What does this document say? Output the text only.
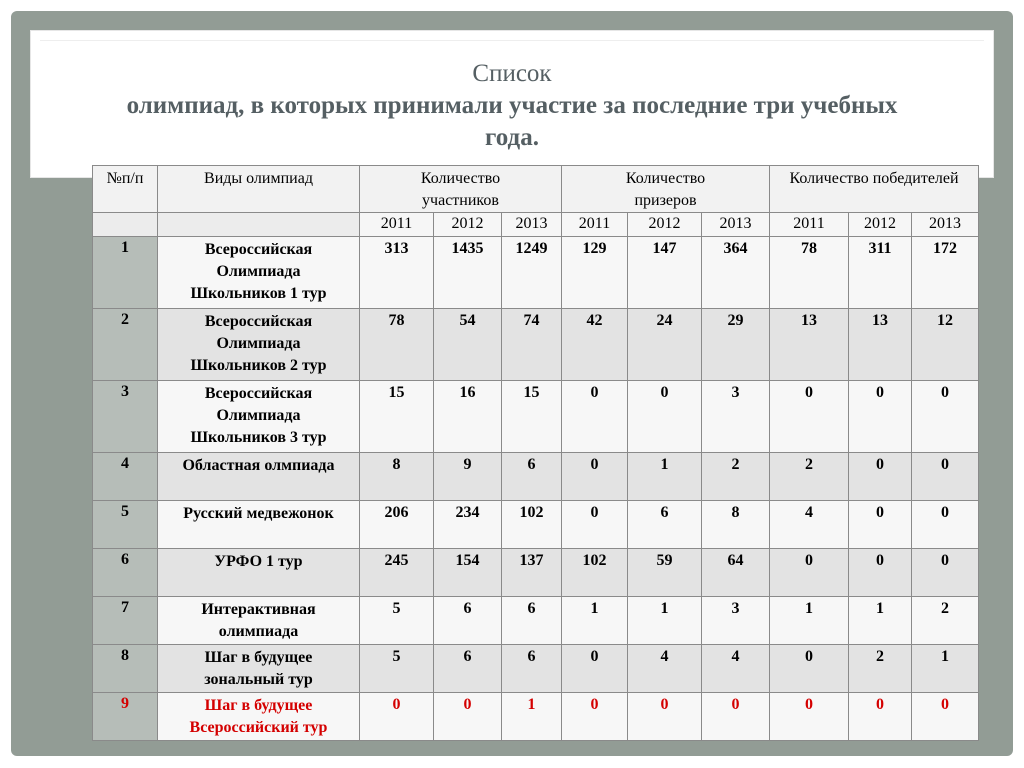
Список
олимпиад, в которых принимали участие за последние три учебных
года.
№п/п	Виды олимпиад	Количество участников			Количество призеров			Количество победителей		

		2011	2012	2013	2011	2012	2013	2011	2012	2013
1	Всероссийская Олимпиада Школьников 1 тур	313	1435	1249	129	147	364	78	311	172
2	Всероссийская Олимпиада Школьников 2 тур	78	54	74	42	24	29	13	13	12
3	Всероссийская Олимпиада Школьников 3 тур	15	16	15	0	0	3	0	0	0
4	Областная олмпиада	8	9	6	0	1	2	2	0	0
5	Русский медвежонок	206	234	102	0	6	8	4	0	0
6	УРФО 1 тур	245	154	137	102	59	64	0	0	0
7	Интерактивная олимпиада	5	6	6	1	1	3	1	1	2
8	Шаг в будущее зональный тур	5	6	6	0	4	4	0	2	1
9	Шаг в будущее Всероссийский тур	0	0	1	0	0	0	0	0	0
